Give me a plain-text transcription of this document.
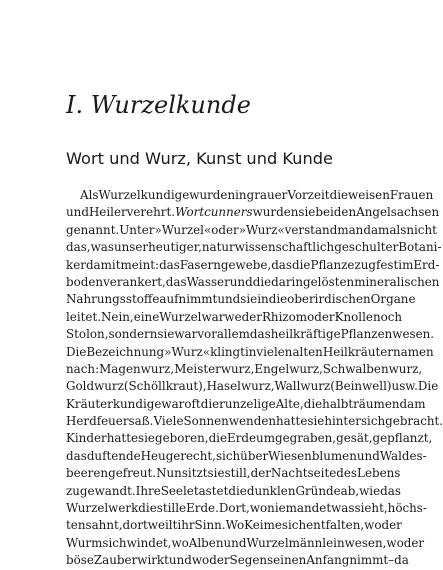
I. Wurzelkunde
Wort und Wurz, Kunst und Kunde
Als Wurzelkundige wurden in grauer Vorzeit die weisen Frauen
und Heiler verehrt. Wortcunners wurden sie bei den Angelsachsen
genannt. Unter »Wurzel« oder »Wurz« verstand man damals nicht
das, was unser heutiger, naturwissenschaftlich geschulter Botani-
ker damit meint: das Faserngewebe, das die Pflanze zugfest im Erd-
boden verankert, das Wasser und die darin gelösten mineralischen
Nahrungsstoffe aufnimmt und sie in die oberirdischen Organe
leitet. Nein, eine Wurzel war weder Rhizom oder Knolle noch
Stolon, sondern sie war vor allem das heilkräftige Pflanzenwesen.
Die Bezeichnung »Wurz« klingt in vielen alten Heilkräuternamen
nach: Magenwurz, Meisterwurz, Engelwurz, Schwalbenwurz,
Goldwurz (Schöllkraut), Haselwurz, Wallwurz (Beinwell) usw. Die
Kräuterkundige war oft die runzelige Alte, die halb träumend am
Herdfeuer saß. Viele Sonnenwenden hatte sie hinter sich gebracht.
Kinder hatte sie geboren, die Erde umgegraben, gesät, gepflanzt,
das duftende Heu gerecht, sich über Wiesenblumen und Waldes-
beeren gefreut. Nun sitzt sie still, der Nachtseite des Lebens
zugewandt. Ihre Seele tastet die dunklen Gründe ab, wie das
Wurzelwerk die stille Erde. Dort, wo niemand etwas sieht, höchs-
tens ahnt, dort weilt ihr Sinn. Wo Keime sich entfalten, wo der
Wurm sich windet, wo Alben und Wurzelmännlein wesen, wo der
böse Zauber wirkt und wo der Segen seinen Anfang nimmt – da
